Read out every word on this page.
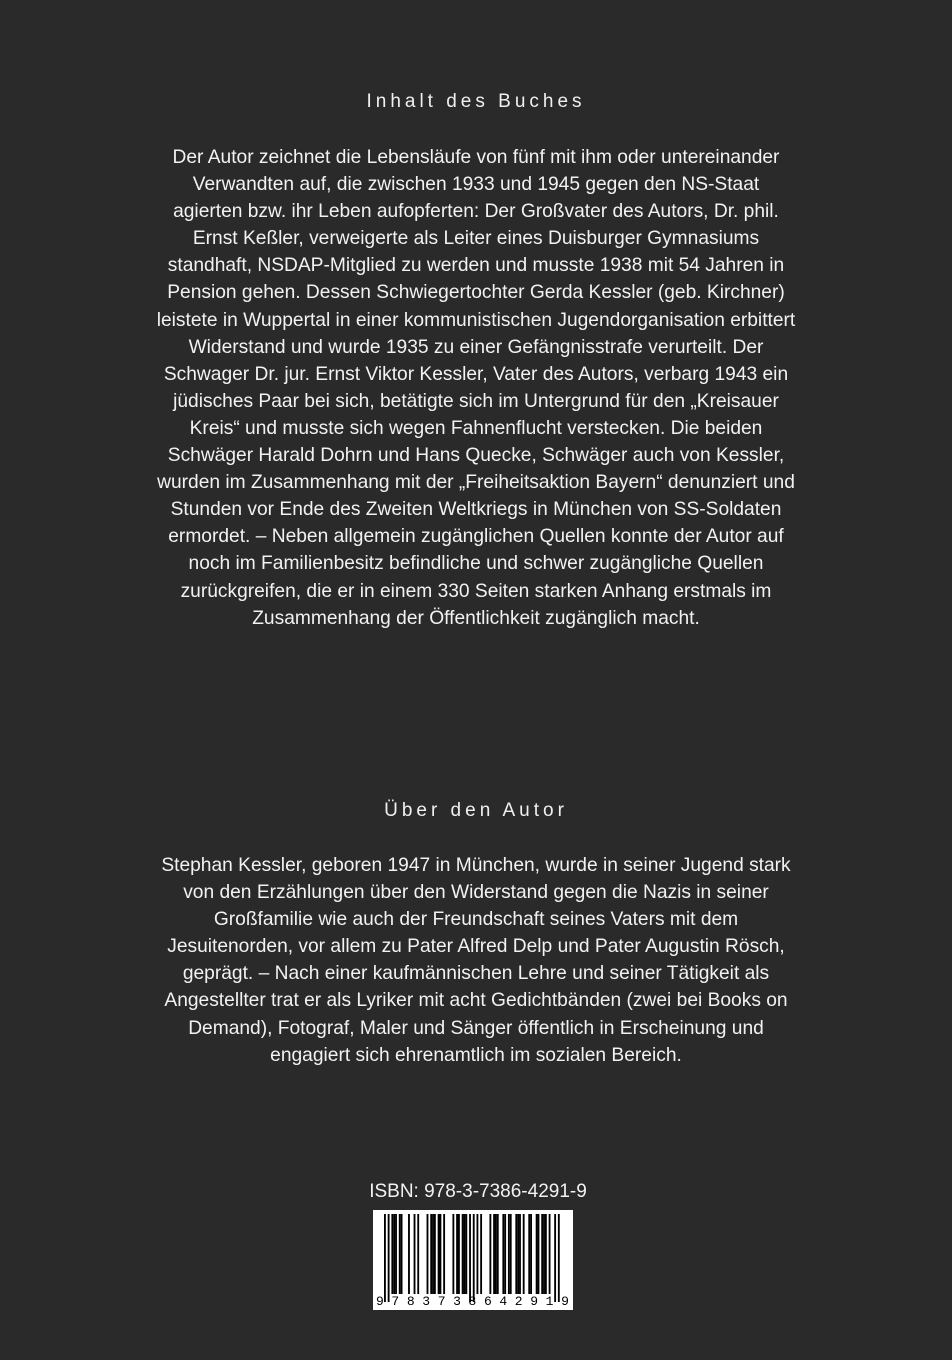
Inhalt des Buches
Der Autor zeichnet die Lebensläufe von fünf mit ihm oder untereinander
Verwandten auf, die zwischen 1933 und 1945 gegen den NS-Staat
agierten bzw. ihr Leben aufopferten: Der Großvater des Autors, Dr. phil.
Ernst Keßler, verweigerte als Leiter eines Duisburger Gymnasiums
standhaft, NSDAP-Mitglied zu werden und musste 1938 mit 54 Jahren in
Pension gehen. Dessen Schwiegertochter Gerda Kessler (geb. Kirchner)
leistete in Wuppertal in einer kommunistischen Jugendorganisation erbittert
Widerstand und wurde 1935 zu einer Gefängnisstrafe verurteilt. Der
Schwager Dr. jur. Ernst Viktor Kessler, Vater des Autors, verbarg 1943 ein
jüdisches Paar bei sich, betätigte sich im Untergrund für den „Kreisauer
Kreis“ und musste sich wegen Fahnenflucht verstecken. Die beiden
Schwäger Harald Dohrn und Hans Quecke, Schwäger auch von Kessler,
wurden im Zusammenhang mit der „Freiheitsaktion Bayern“ denunziert und
Stunden vor Ende des Zweiten Weltkriegs in München von SS-Soldaten
ermordet. – Neben allgemein zugänglichen Quellen konnte der Autor auf
noch im Familienbesitz befindliche und schwer zugängliche Quellen
zurückgreifen, die er in einem 330 Seiten starken Anhang erstmals im
Zusammenhang der Öffentlichkeit zugänglich macht.
Über den Autor
Stephan Kessler, geboren 1947 in München, wurde in seiner Jugend stark
von den Erzählungen über den Widerstand gegen die Nazis in seiner
Großfamilie wie auch der Freundschaft seines Vaters mit dem
Jesuitenorden, vor allem zu Pater Alfred Delp und Pater Augustin Rösch,
geprägt. – Nach einer kaufmännischen Lehre und seiner Tätigkeit als
Angestellter trat er als Lyriker mit acht Gedichtbänden (zwei bei Books on
Demand), Fotograf, Maler und Sänger öffentlich in Erscheinung und
engagiert sich ehrenamtlich im sozialen Bereich.
ISBN: 978-3-7386-4291-9
9 7 8 3 7 3 8 6 4 2 9 1 9
